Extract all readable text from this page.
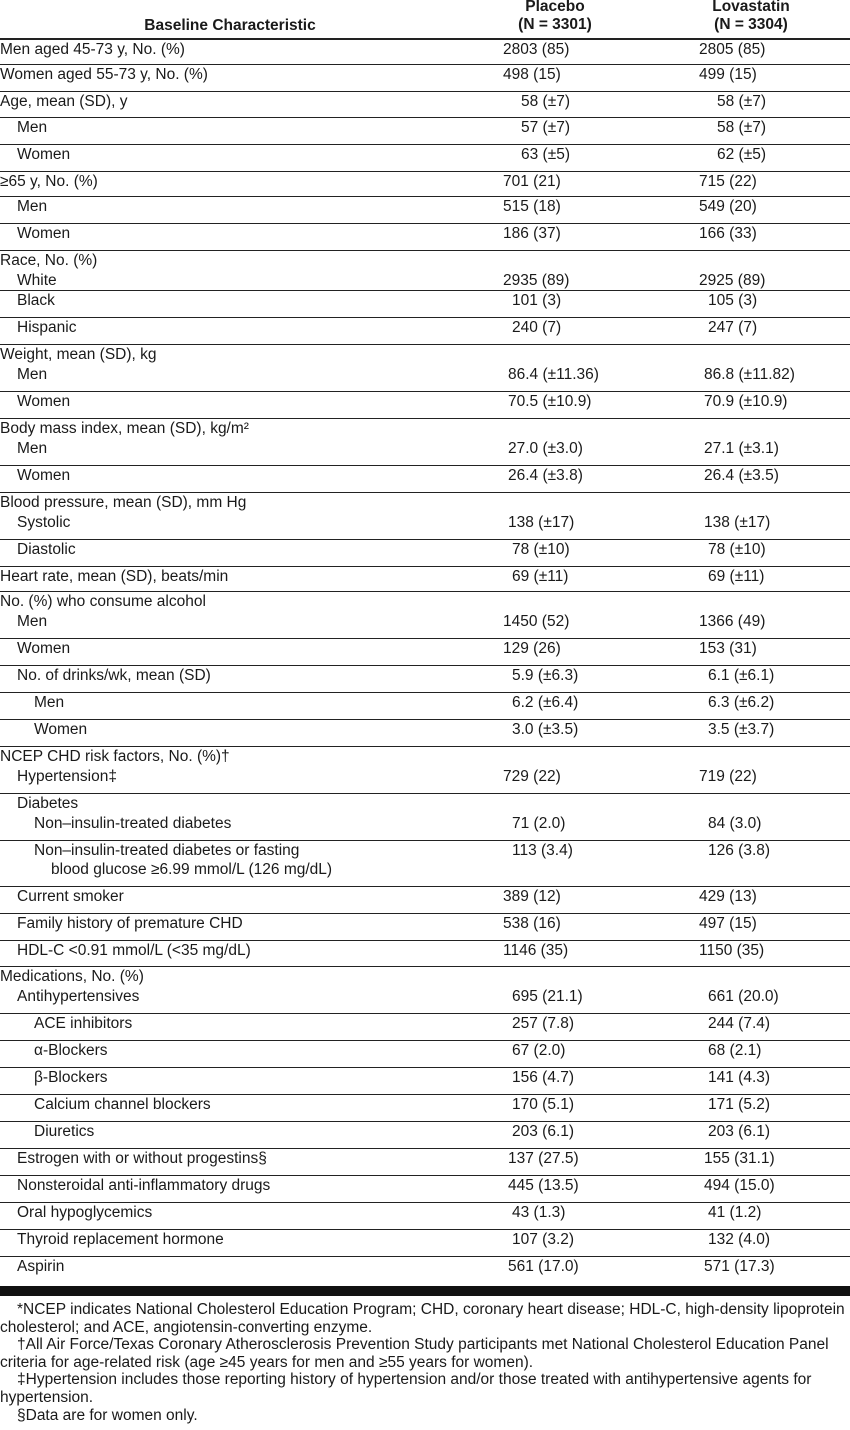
Baseline Characteristic
Placebo
(N = 3301)
Lovastatin
(N = 3304)
Men aged 45-73 y, No. (%)	2803 (85)	2805 (85)
Women aged 55-73 y, No. (%)	498 (15)	499 (15)
Age, mean (SD), y	58 (±7)	58 (±7)
Men	57 (±7)	58 (±7)
Women	63 (±5)	62 (±5)
≥65 y, No. (%)	701 (21)	715 (22)
Men	515 (18)	549 (20)
Women	186 (37)	166 (33)
Race, No. (%)
White	2935 (89)	2925 (89)
Black	101 (3)	105 (3)
Hispanic	240 (7)	247 (7)
Weight, mean (SD), kg
Men	86.4 (±11.36)	86.8 (±11.82)
Women	70.5 (±10.9)	70.9 (±10.9)
Body mass index, mean (SD), kg/m²
Men	27.0 (±3.0)	27.1 (±3.1)
Women	26.4 (±3.8)	26.4 (±3.5)
Blood pressure, mean (SD), mm Hg
Systolic	138 (±17)	138 (±17)
Diastolic	78 (±10)	78 (±10)
Heart rate, mean (SD), beats/min	69 (±11)	69 (±11)
No. (%) who consume alcohol
Men	1450 (52)	1366 (49)
Women	129 (26)	153 (31)
No. of drinks/wk, mean (SD)	5.9 (±6.3)	6.1 (±6.1)
Men	6.2 (±6.4)	6.3 (±6.2)
Women	3.0 (±3.5)	3.5 (±3.7)
NCEP CHD risk factors, No. (%)†
Hypertension‡	729 (22)	719 (22)
Diabetes
Non–insulin-treated diabetes	71 (2.0)	84 (3.0)
Non–insulin-treated diabetes or fasting
blood glucose ≥6.99 mmol/L (126 mg/dL)
113 (3.4)	126 (3.8)
Current smoker	389 (12)	429 (13)
Family history of premature CHD	538 (16)	497 (15)
HDL-C <0.91 mmol/L (<35 mg/dL)	1146 (35)	1150 (35)
Medications, No. (%)
Antihypertensives	695 (21.1)	661 (20.0)
ACE inhibitors	257 (7.8)	244 (7.4)
α-Blockers	67 (2.0)	68 (2.1)
β-Blockers	156 (4.7)	141 (4.3)
Calcium channel blockers	170 (5.1)	171 (5.2)
Diuretics	203 (6.1)	203 (6.1)
Estrogen with or without progestins§	137 (27.5)	155 (31.1)
Nonsteroidal anti-inflammatory drugs	445 (13.5)	494 (15.0)
Oral hypoglycemics	43 (1.3)	41 (1.2)
Thyroid replacement hormone	107 (3.2)	132 (4.0)
Aspirin	561 (17.0)	571 (17.3)

*NCEP indicates National Cholesterol Education Program; CHD, coronary heart disease; HDL-C, high-density lipoprotein cholesterol; and ACE, angiotensin-converting enzyme.

†All Air Force/Texas Coronary Atherosclerosis Prevention Study participants met National Cholesterol Education Panel criteria for age-related risk (age ≥45 years for men and ≥55 years for women).

‡Hypertension includes those reporting history of hypertension and/or those treated with antihypertensive agents for hypertension.

§Data are for women only.
